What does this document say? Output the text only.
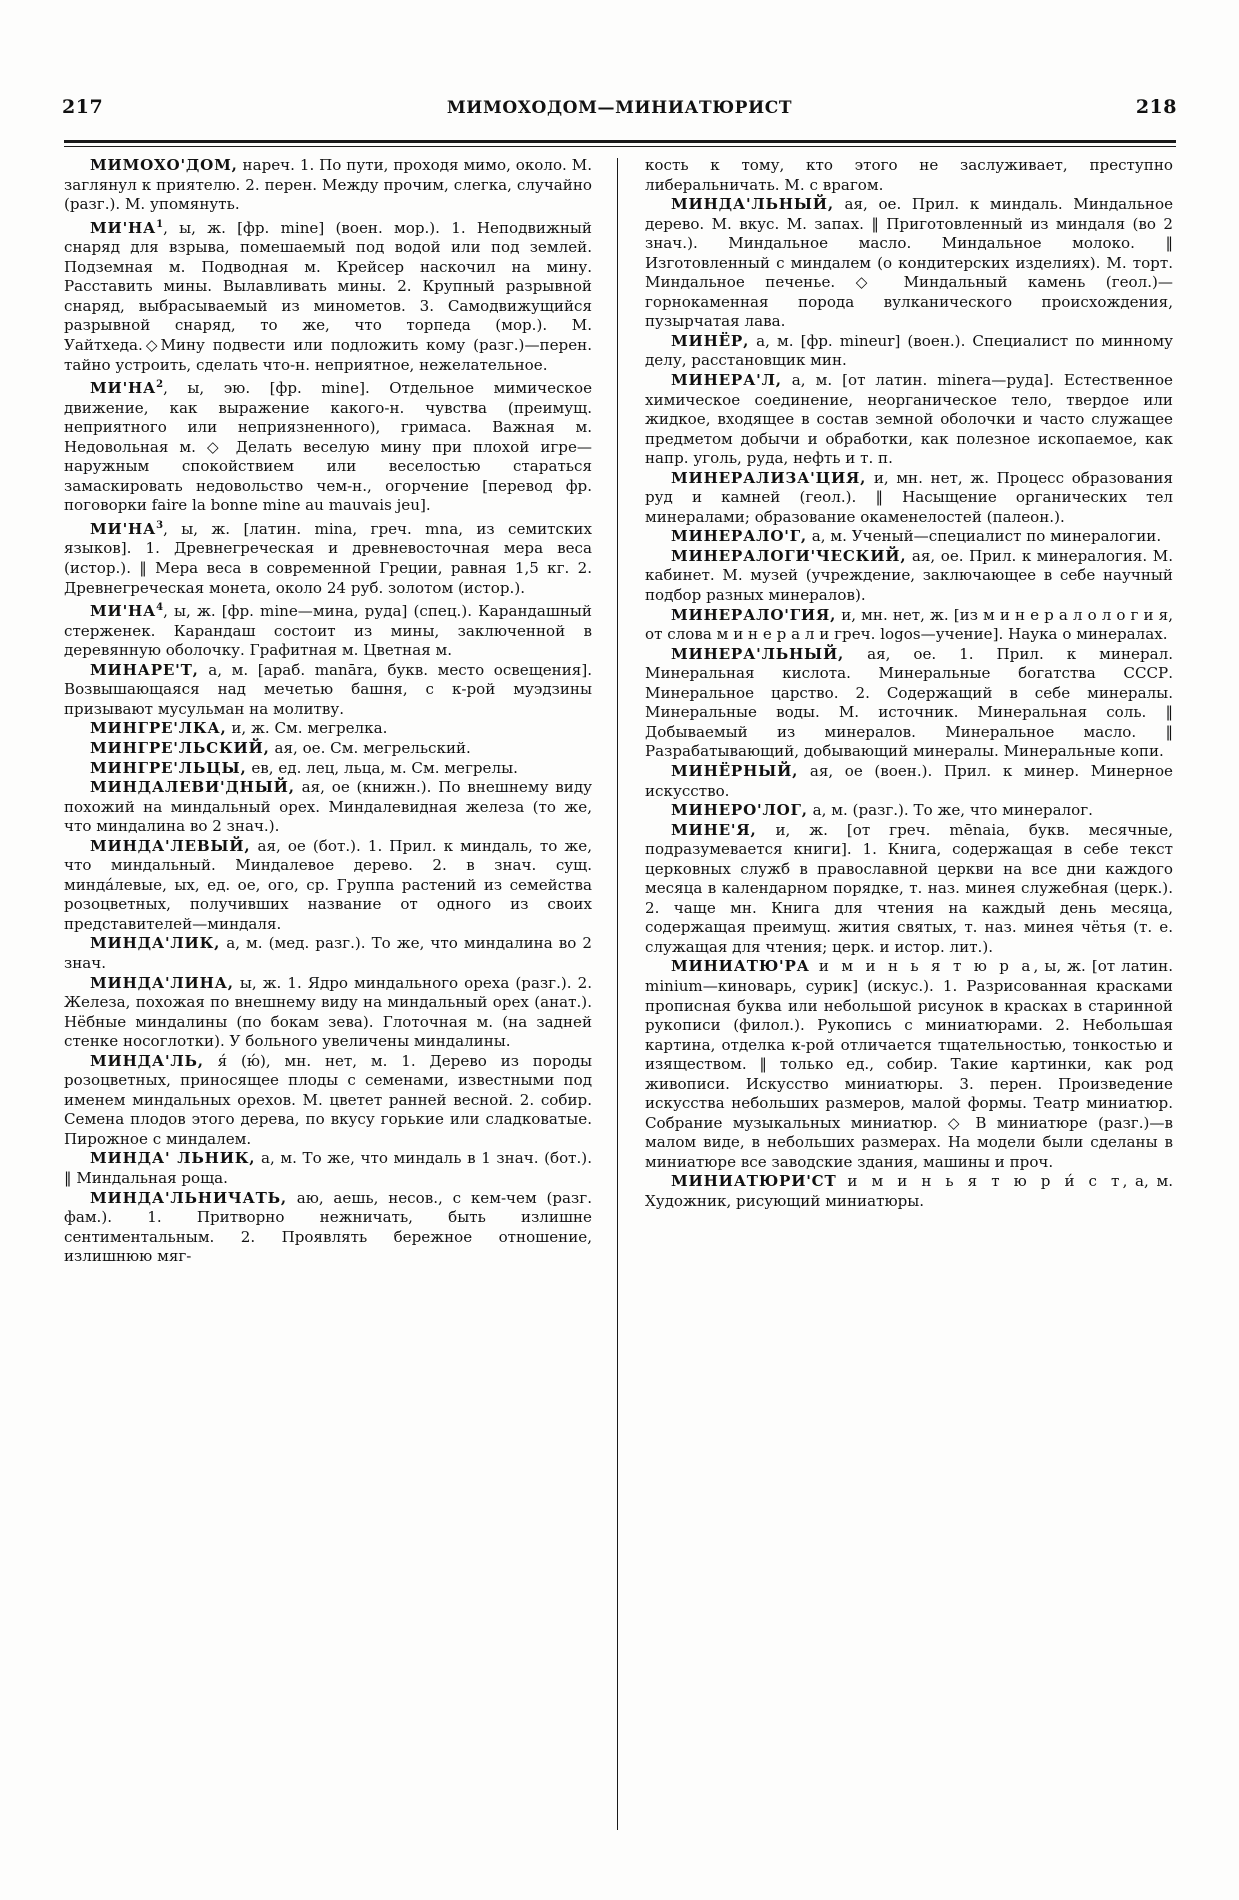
217	МИМОХОДОМ—МИНИАТЮРИСТ	218

МИМОХО'ДОМ, нареч. 1. По пути, проходя мимо, около. М. заглянул к приятелю. 2. перен. Между прочим, слегка, случайно (разг.). М. упомянуть.

$МИ'НА^1$, ы, ж. [фр. mine] (воен. мор.). 1. Неподвижный снаряд для взрыва, помешаемый под водой или под землей. Подземная м. Подводная м. Крейсер наскочил на мину. Расставить мины. Вылавливать мины. 2. Крупный разрывной снаряд, выбрасываемый из минометов. 3. Самодвижущийся разрывной снаряд, то же, что торпеда (мор.). М. Уайтхеда.◇Мину подвести или подложить кому (разг.)—перен. тайно устроить, сделать что-н. неприятное, нежелательное.

$МИ'НА^2$, ы, эю. [фр. mine]. Отдельное мимическое движение, как выражение какого-н. чувства (преимущ. неприятного или неприязненного), гримаса. Важная м. Недовольная м. ◇ Делать веселую мину при плохой игре—наружным спокойствием или веселостью стараться замаскировать недовольство чем-н., огорчение [перевод фр. поговорки faire la bonne mine au mauvais jeu].

$МИ'НА^3$, ы, ж. [латин. mina, греч. mna, из семитских языков]. 1. Древнегреческая и древневосточная мера веса (истор.). ‖ Мера веса в современной Греции, равная 1,5 кг. 2. Древнегреческая монета, около 24 руб. золотом (истор.).

$МИ'НА^4$, ы, ж. [фр. mine—мина, руда] (спец.). Карандашный стерженек. Карандаш состоит из мины, заключенной в деревянную оболочку. Графитная м. Цветная м.

МИНАРЕ'Т, а, м. [араб. manāra, букв. место освещения]. Возвышающаяся над мечетью башня, с к-рой муэдзины призывают мусульман на молитву.

МИНГРЕ'ЛКА, и, ж. См. мегрелка.

МИНГРЕ'ЛЬСКИЙ, ая, ое. См. мегрельский.

МИНГРЕ'ЛЬЦЫ, ев, ед. лец, льца, м. См. мегрелы.

МИНДАЛЕВИ'ДНЫЙ, ая, ое (книжн.). По внешнему виду похожий на миндальный орех. Миндалевидная железа (то же, что миндалина во 2 знач.).

МИНДА'ЛЕВЫЙ, ая, ое (бот.). 1. Прил. к миндаль, то же, что миндальный. Миндалевое дерево. 2. в знач. сущ. миндáлевые, ых, ед. ое, ого, ср. Группа растений из семейства розоцветных, получивших название от одного из своих представителей—миндаля.

МИНДА'ЛИК, а, м. (мед. разг.). То же, что миндалина во 2 знач.

МИНДА'ЛИНА, ы, ж. 1. Ядро миндального ореха (разг.). 2. Железа, похожая по внешнему виду на миндальный орех (анат.). Нёбные миндалины (по бокам зева). Глоточная м. (на задней стенке носоглотки). У больного увеличены миндалины.

МИНДА'ЛЬ, я́ (ю́), мн. нет, м. 1. Дерево из породы розоцветных, приносящее плоды с семенами, известными под именем миндальных орехов. М. цветет ранней весной. 2. собир. Семена плодов этого дерева, по вкусу горькие или сладковатые. Пирожное с миндалем.

МИНДА' ЛЬНИК, а, м. То же, что миндаль в 1 знач. (бот.). ‖ Миндальная роща.

МИНДА'ЛЬНИЧАТЬ, аю, аешь, несов., с кем-чем (разг. фам.). 1. Притворно нежничать, быть излишне сентиментальным. 2. Проявлять бережное отношение, излишнюю мяг-

кость к тому, кто этого не заслуживает, преступно либеральничать. М. с врагом.

МИНДА'ЛЬНЫЙ, ая, ое. Прил. к миндаль. Миндальное дерево. М. вкус. М. запах. ‖ Приготовленный из миндаля (во 2 знач.). Миндальное масло. Миндальное молоко. ‖ Изготовленный с миндалем (о кондитерских изделиях). М. торт. Миндальное печенье. ◇ Миндальный камень (геол.)—горнокаменная порода вулканического происхождения, пузырчатая лава.

МИНЁР, а, м. [фр. mineur] (воен.). Специалист по минному делу, расстановщик мин.

МИНЕРА'Л, а, м. [от латин. minera—руда]. Естественное химическое соединение, неорганическое тело, твердое или жидкое, входящее в состав земной оболочки и часто служащее предметом добычи и обработки, как полезное ископаемое, как напр. уголь, руда, нефть и т. п.

МИНЕРАЛИЗА'ЦИЯ, и, мн. нет, ж. Процесс образования руд и камней (геол.). ‖ Насыщение органических тел минералами; образование окаменелостей (палеон.).

МИНЕРАЛО'Г, а, м. Ученый—специалист по минералогии.

МИНЕРАЛОГИ'ЧЕСКИЙ, ая, ое. Прил. к минералогия. М. кабинет. М. музей (учреждение, заключающее в себе научный подбор разных минералов).

МИНЕРАЛО'ГИЯ, и, мн. нет, ж. [из м и н е р а л о л о г и я, от слова м и н е р а л и греч. logos—учение]. Наука о минералах.

МИНЕРА'ЛЬНЫЙ, ая, ое. 1. Прил. к минерал. Минеральная кислота. Минеральные богатства СССР. Минеральное царство. 2. Содержащий в себе минералы. Минеральные воды. М. источник. Минеральная соль. ‖ Добываемый из минералов. Минеральное масло. ‖ Разрабатывающий, добывающий минералы. Минеральные копи.

МИНЁРНЫЙ, ая, ое (воен.). Прил. к минер. Минерное искусство.

МИНЕРО'ЛОГ, а, м. (разг.). То же, что минералог.

МИНЕ'Я, и, ж. [от греч. mēnaia, букв. месячные, подразумевается книги]. 1. Книга, содержащая в себе текст церковных служб в православной церкви на все дни каждого месяца в календарном порядке, т. наз. минея служебная (церк.). 2. чаще мн. Книга для чтения на каждый день месяца, содержащая преимущ. жития святых, т. наз. минея чётья (т. е. служащая для чтения; церк. и истор. лит.).

МИНИАТЮ'РА и м и н ь я т ю р а, ы, ж. [от латин. minium—киноварь, сурик] (искус.). 1. Разрисованная красками прописная буква или небольшой рисунок в красках в старинной рукописи (филол.). Рукопись с миниатюрами. 2. Небольшая картина, отделка к-рой отличается тщательностью, тонкостью и изяществом. ‖ только ед., собир. Такие картинки, как род живописи. Искусство миниатюры. 3. перен. Произведение искусства небольших размеров, малой формы. Театр миниатюр. Собрание музыкальных миниатюр. ◇ В миниатюре (разг.)—в малом виде, в небольших размерах. На модели были сделаны в миниатюре все заводские здания, машины и проч.

МИНИАТЮРИ'СТ и м и н ь я т ю р и́ с т, а, м. Художник, рисующий миниатюры.
